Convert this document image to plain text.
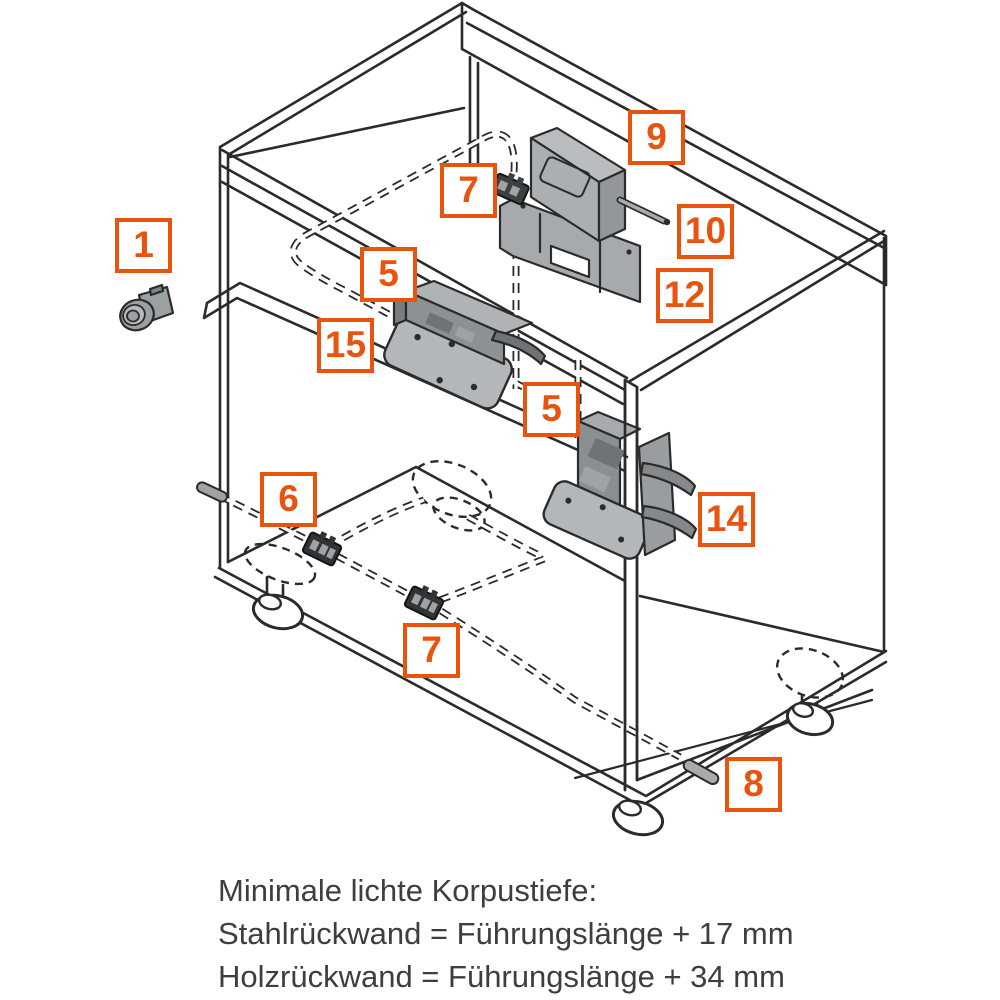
1
7
9
10
12
5
15
5
14
6
7
8
Minimale lichte Korpustiefe:
Stahlrückwand = Führungslänge + 17 mm
Holzrückwand = Führungslänge + 34 mm
